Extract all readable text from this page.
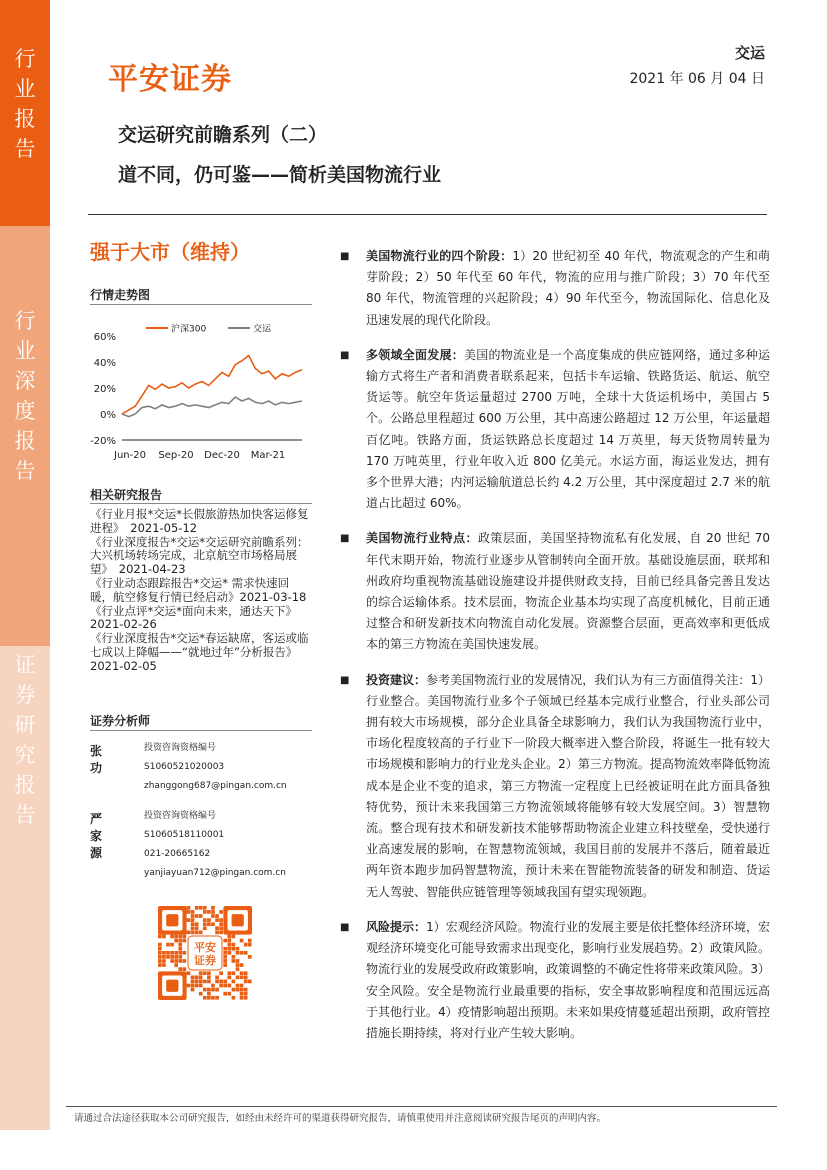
行业报告
行业深度报告
证券研究报告
平安证券
交运
2021 年 06 月 04 日
交运研究前瞻系列（二）
道不同，仍可鉴——简析美国物流行业
强于大市（维持）
行情走势图
60%
40%
20%
0%
-20%
Jun-20 Sep-20 Dec-20 Mar-21
沪深300	交运
相关研究报告
《行业月报*交运*长假旅游热加快客运修复进程》　2021-05-12
《行业深度报告*交运*交运研究前瞻系列：大兴机场转场完成，北京航空市场格局展望》　2021-04-23
《行业动态跟踪报告*交运* 需求快速回暖，航空修复行情已经启动》2021-03-18
《行业点评*交运*面向未来，通达天下》2021-02-26
《行业深度报告*交运*春运缺席，客运或临七成以上降幅——“就地过年”分析报告》　2021-02-05
证券分析师
张功
投资咨询资格编号
S1060521020003
zhanggong687@pingan.com.cn
严家源
投资咨询资格编号
S1060518110001
021-20665162
yanjiayuan712@pingan.com.cn
平安
证券
■ 美国物流行业的四个阶段：1）20 世纪初至 40 年代，物流观念的产生和萌芽阶段；2）50 年代至 60 年代，物流的应用与推广阶段；3）70 年代至 80 年代，物流管理的兴起阶段；4）90 年代至今，物流国际化、信息化及迅速发展的现代化阶段。
■ 多领域全面发展：美国的物流业是一个高度集成的供应链网络，通过多种运输方式将生产者和消费者联系起来，包括卡车运输、铁路货运、航运、航空货运等。航空年货运量超过 2700 万吨，全球十大货运机场中，美国占 5 个。公路总里程超过 600 万公里，其中高速公路超过 12 万公里，年运量超百亿吨。铁路方面，货运铁路总长度超过 14 万英里，每天货物周转量为 170 万吨英里，行业年收入近 800 亿美元。水运方面，海运业发达，拥有多个世界大港；内河运输航道总长约 4.2 万公里，其中深度超过 2.7 米的航道占比超过 60%。
■ 美国物流行业特点：政策层面，美国坚持物流私有化发展，自 20 世纪 70 年代末期开始，物流行业逐步从管制转向全面开放。基础设施层面，联邦和州政府均重视物流基础设施建设并提供财政支持，目前已经具备完善且发达的综合运输体系。技术层面，物流企业基本均实现了高度机械化，目前正通过整合和研发新技术向物流自动化发展。资源整合层面，更高效率和更低成本的第三方物流在美国快速发展。
■ 投资建议：参考美国物流行业的发展情况，我们认为有三方面值得关注：1）行业整合。美国物流行业多个子领域已经基本完成行业整合，行业头部公司拥有较大市场规模，部分企业具备全球影响力，我们认为我国物流行业中，市场化程度较高的子行业下一阶段大概率进入整合阶段，将诞生一批有较大市场规模和影响力的行业龙头企业。2）第三方物流。提高物流效率降低物流成本是企业不变的追求，第三方物流一定程度上已经被证明在此方面具备独特优势，预计未来我国第三方物流领域将能够有较大发展空间。3）智慧物流。整合现有技术和研发新技术能够帮助物流企业建立科技壁垒，受快递行业高速发展的影响，在智慧物流领域，我国目前的发展并不落后，随着最近两年资本跑步加码智慧物流，预计未来在智能物流装备的研发和制造、货运无人驾驶、智能供应链管理等领域我国有望实现领跑。
■ 风险提示：1）宏观经济风险。物流行业的发展主要是依托整体经济环境，宏观经济环境变化可能导致需求出现变化，影响行业发展趋势。2）政策风险。物流行业的发展受政府政策影响，政策调整的不确定性将带来政策风险。3）安全风险。安全是物流行业最重要的指标，安全事故影响程度和范围远远高于其他行业。4）疫情影响超出预期。未来如果疫情蔓延超出预期，政府管控措施长期持续，将对行业产生较大影响。
请通过合法途径获取本公司研究报告，如经由未经许可的渠道获得研究报告，请慎重使用并注意阅读研究报告尾页的声明内容。
